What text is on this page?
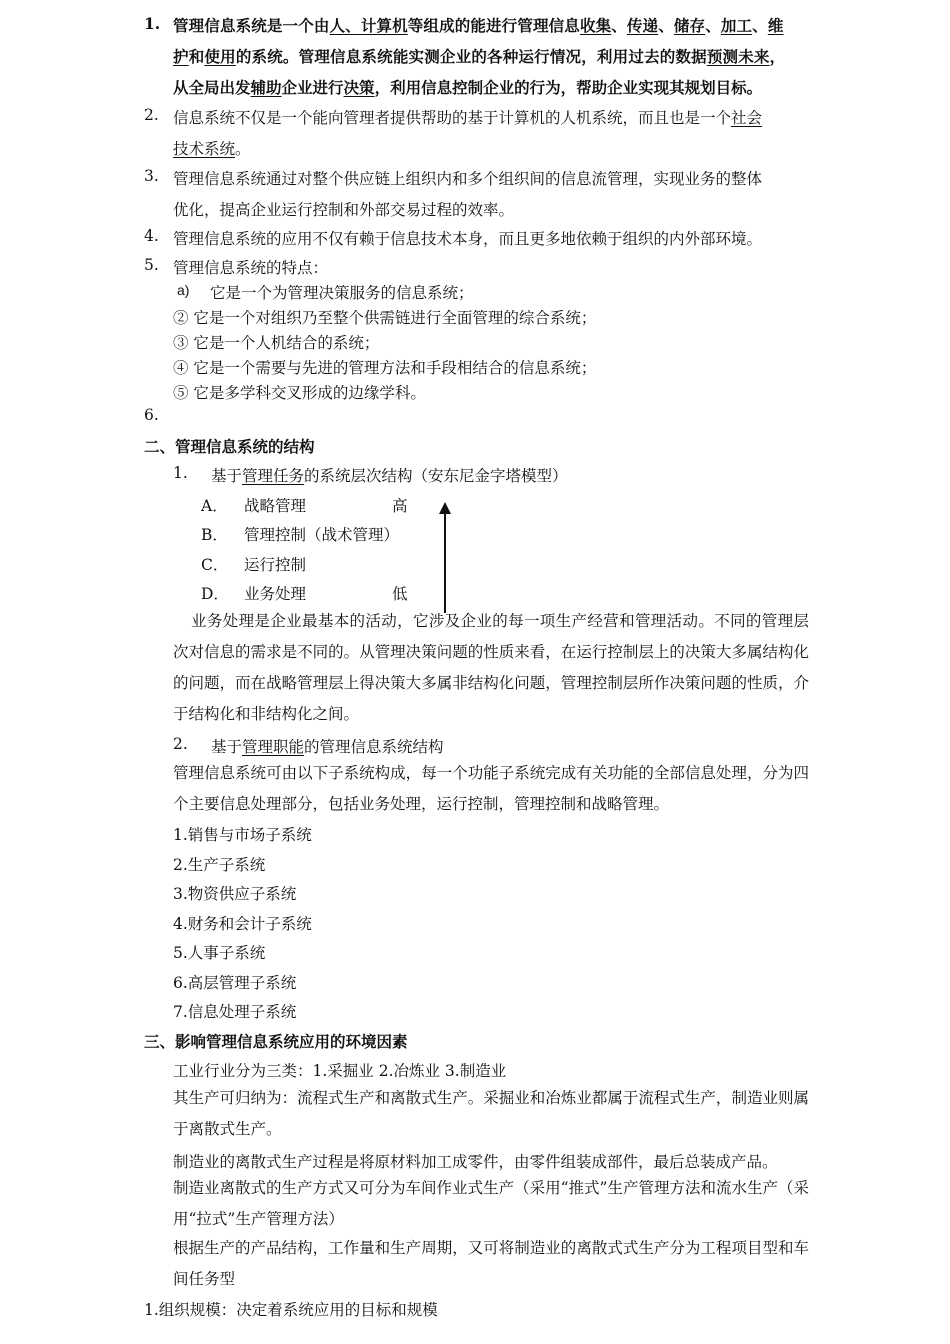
1. 管理信息系统是一个由人、计算机等组成的能进行管理信息收集、传递、储存、加工、维
护和使用的系统。管理信息系统能实测企业的各种运行情况，利用过去的数据预测未来，
从全局出发辅助企业进行决策，利用信息控制企业的行为，帮助企业实现其规划目标。
2. 信息系统不仅是一个能向管理者提供帮助的基于计算机的人机系统，而且也是一个社会
技术系统。
3. 管理信息系统通过对整个供应链上组织内和多个组织间的信息流管理，实现业务的整体
优化，提高企业运行控制和外部交易过程的效率。
4. 管理信息系统的应用不仅有赖于信息技术本身，而且更多地依赖于组织的内外部环境。
5. 管理信息系统的特点：
a) 它是一个为管理决策服务的信息系统；
② 它是一个对组织乃至整个供需链进行全面管理的综合系统；
③ 它是一个人机结合的系统；
④ 它是一个需要与先进的管理方法和手段相结合的信息系统；
⑤ 它是多学科交叉形成的边缘学科。
6.
二、管理信息系统的结构
1. 基于管理任务的系统层次结构（安东尼金字塔模型）
A． 战略管理	高
B． 管理控制（战术管理）
C． 运行控制
D． 业务处理	低
业务处理是企业最基本的活动，它涉及企业的每一项生产经营和管理活动。不同的管理层次对信息的需求是不同的。从管理决策问题的性质来看，在运行控制层上的决策大多属结构化的问题，而在战略管理层上得决策大多属非结构化问题，管理控制层所作决策问题的性质，介于结构化和非结构化之间。
2. 基于管理职能的管理信息系统结构
管理信息系统可由以下子系统构成，每一个功能子系统完成有关功能的全部信息处理，分为四个主要信息处理部分，包括业务处理，运行控制，管理控制和战略管理。
1.销售与市场子系统
2.生产子系统
3.物资供应子系统
4.财务和会计子系统
5.人事子系统
6.高层管理子系统
7.信息处理子系统
三、影响管理信息系统应用的环境因素
工业行业分为三类：1.采掘业 2.冶炼业 3.制造业
其生产可归纳为：流程式生产和离散式生产。采掘业和冶炼业都属于流程式生产，制造业则属于离散式生产。
制造业的离散式生产过程是将原材料加工成零件，由零件组装成部件，最后总装成产品。
制造业离散式的生产方式又可分为车间作业式生产（采用“推式”生产管理方法和流水生产（采用“拉式”生产管理方法）
根据生产的产品结构，工作量和生产周期，又可将制造业的离散式式生产分为工程项目型和车间任务型
1.组织规模：决定着系统应用的目标和规模
